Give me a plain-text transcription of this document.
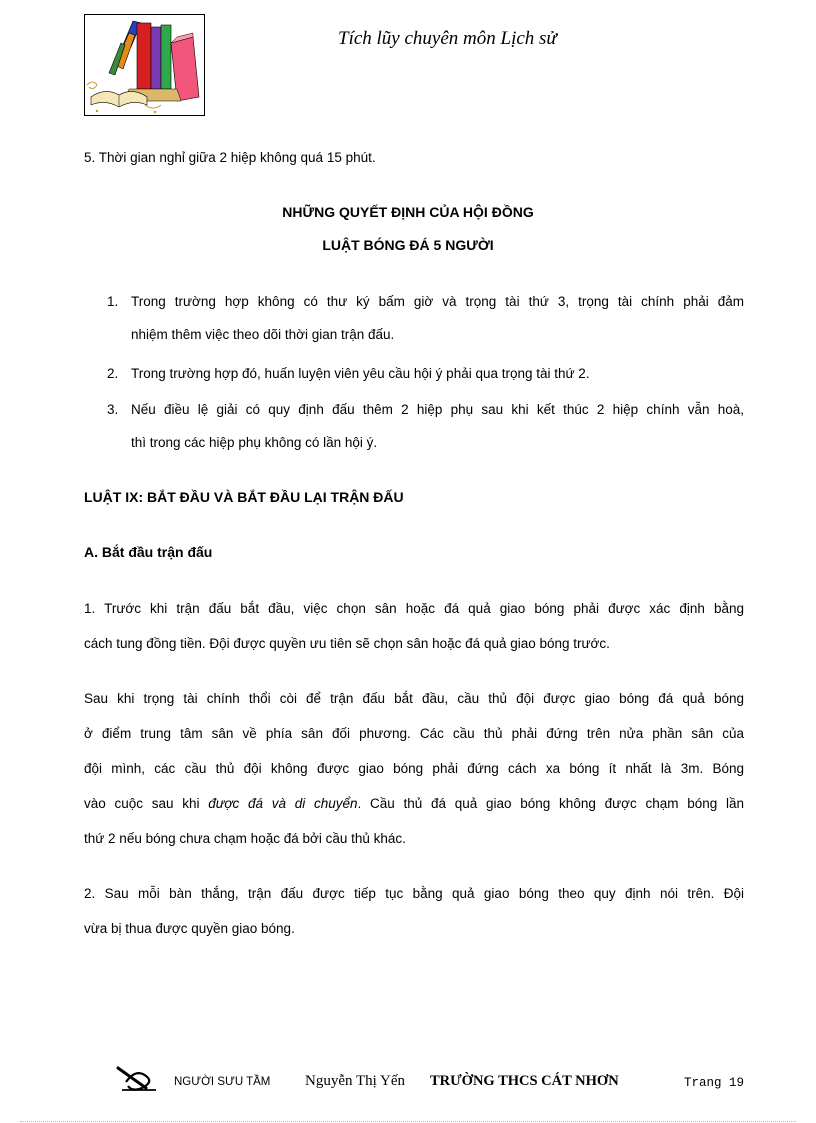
Tích lũy chuyên môn Lịch sử
5. Thời gian nghỉ giữa 2 hiệp không quá 15 phút.
NHỮNG QUYẾT ĐỊNH CỦA HỘI ĐỒNG
LUẬT BÓNG ĐÁ 5 NGƯỜI
1. Trong trường hợp không có thư ký bấm giờ và trọng tài thứ 3, trọng tài chính phải đảm
nhiệm thêm việc theo dõi thời gian trận đấu.
2. Trong trường hợp đó, huấn luyện viên yêu cầu hội ý phải qua trọng tài thứ 2.
3. Nếu điều lệ giải có quy định đấu thêm 2 hiệp phụ sau khi kết thúc 2 hiệp chính vẫn hoà,
thì trong các hiệp phụ không có lần hội ý.
LUẬT IX: BẮT ĐẦU VÀ BẮT ĐẦU LẠI TRẬN ĐẤU
A. Bắt đầu trận đấu
1. Trước khi trận đấu bắt đầu, việc chọn sân hoặc đá quả giao bóng phải được xác định bằng
cách tung đồng tiền. Đội được quyền ưu tiên sẽ chọn sân hoặc đá quả giao bóng trước.
Sau khi trọng tài chính thổi còi để trận đấu bắt đầu, cầu thủ đội được giao bóng đá quả bóng
ở điểm trung tâm sân về phía sân đối phương. Các cầu thủ phải đứng trên nửa phần sân của
đội mình, các cầu thủ đội không được giao bóng phải đứng cách xa bóng ít nhất là 3m. Bóng
vào cuộc sau khi được đá và di chuyển. Cầu thủ đá quả giao bóng không được chạm bóng lần
thứ 2 nếu bóng chưa chạm hoặc đá bởi cầu thủ khác.
2. Sau mỗi bàn thắng, trận đấu được tiếp tục bằng quả giao bóng theo quy định nói trên. Đội
vừa bị thua được quyền giao bóng.
NGƯỜI SƯU TẦM Nguyễn Thị Yến TRƯỜNG THCS CÁT NHƠN	Trang 19
